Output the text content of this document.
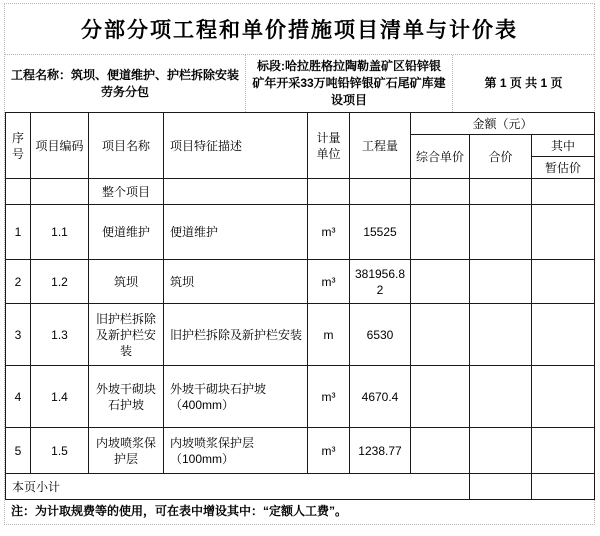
分部分项工程和单价措施项目清单与计价表
工程名称：筑坝、便道维护、护栏拆除安装劳务分包
标段:哈拉胜格拉陶勒盖矿区铅锌银矿年开采33万吨铅锌银矿石尾矿库建设项目
第 1 页 共 1 页
序号	项目编码	项目名称	项目特征描述	计量单位	工程量	金额（元）		
						综合单价	合价	其中
								暂估价
		整个项目						
1	1.1	便道维护	便道维护	m³	15525			
2	1.2	筑坝	筑坝	m³	381956.82			
3	1.3	旧护栏拆除及新护栏安装	旧护栏拆除及新护栏安装	m	6530			
4	1.4	外坡干砌块石护坡	外坡干砌块石护坡（400mm）	m³	4670.4			
5	1.5	内坡喷浆保护层	内坡喷浆保护层（100mm）	m³	1238.77			
本页小计								
注：为计取规费等的使用，可在表中增设其中：“定额人工费”。
